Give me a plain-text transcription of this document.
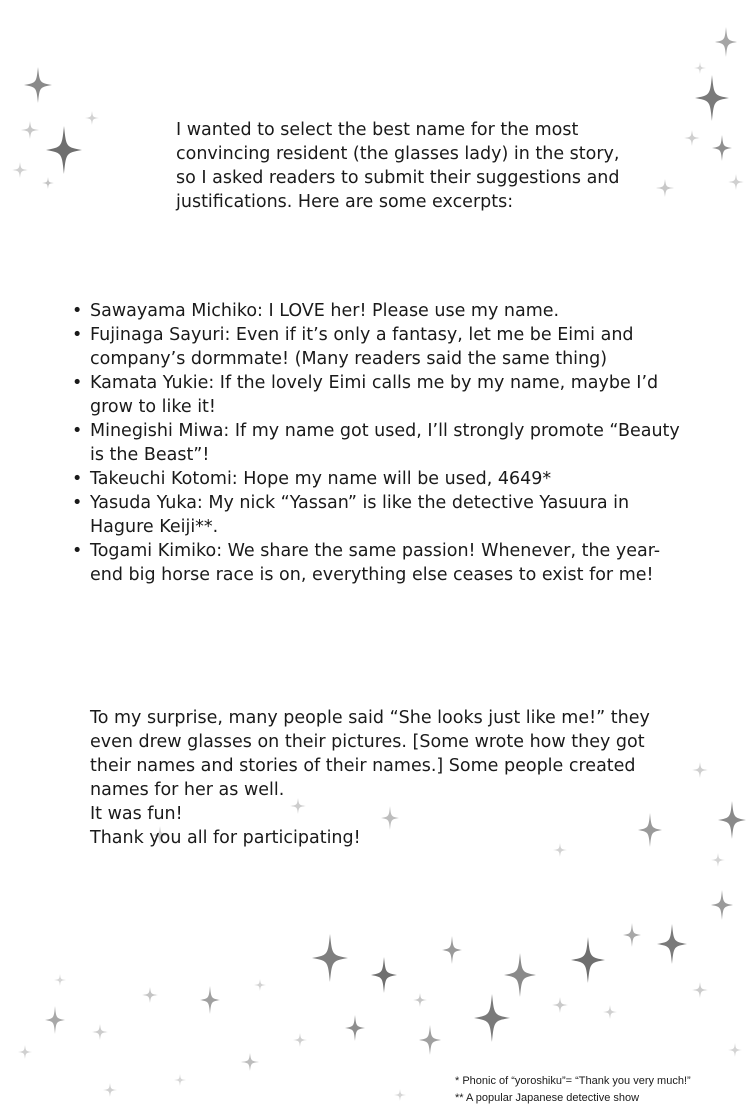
I wanted to select the best name for the most
convincing resident (the glasses lady) in the story,
so I asked readers to submit their suggestions and
justifications. Here are some excerpts:
• Sawayama Michiko: I LOVE her! Please use my name.
• Fujinaga Sayuri: Even if it’s only a fantasy, let me be Eimi and
company’s dormmate! (Many readers said the same thing)
• Kamata Yukie: If the lovely Eimi calls me by my name, maybe I’d
grow to like it!
• Minegishi Miwa: If my name got used, I’ll strongly promote “Beauty
is the Beast”!
• Takeuchi Kotomi: Hope my name will be used, 4649*
• Yasuda Yuka: My nick “Yassan” is like the detective Yasuura in
Hagure Keiji**.
• Togami Kimiko: We share the same passion! Whenever, the year-
end big horse race is on, everything else ceases to exist for me!
To my surprise, many people said “She looks just like me!” they
even drew glasses on their pictures. [Some wrote how they got
their names and stories of their names.] Some people created
names for her as well.
It was fun!
Thank you all for participating!
* Phonic of “yoroshiku”= “Thank you very much!”
** A popular Japanese detective show
